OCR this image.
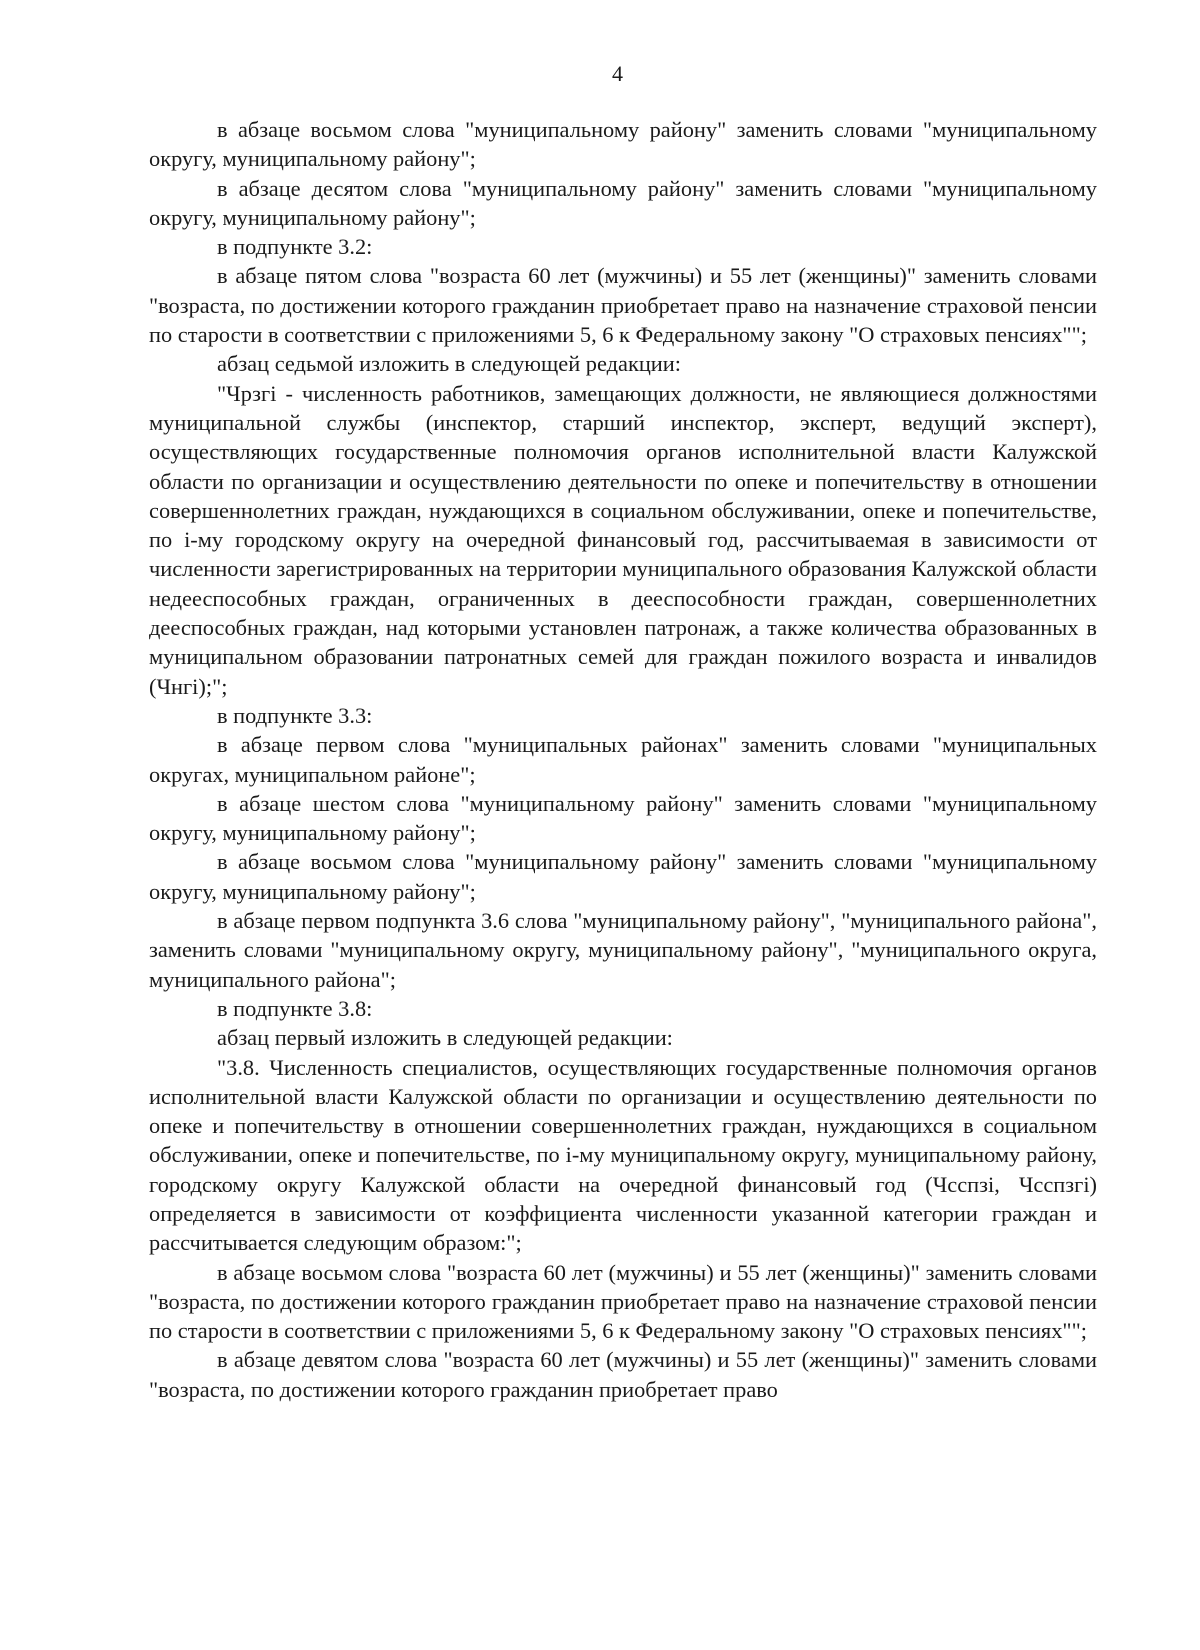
4

в абзаце восьмом слова "муниципальному району" заменить словами "муниципальному округу, муниципальному району";

в абзаце десятом слова "муниципальному району" заменить словами "муниципальному округу, муниципальному району";

в подпункте 3.2:

в абзаце пятом слова "возраста 60 лет (мужчины) и 55 лет (женщины)" заменить словами "возраста, по достижении которого гражданин приобретает право на назначение страховой пенсии по старости в соответствии с приложениями 5, 6 к Федеральному закону "О страховых пенсиях"";

абзац седьмой изложить в следующей редакции:

"Чрзгi - численность работников, замещающих должности, не являющиеся должностями муниципальной службы (инспектор, старший инспектор, эксперт, ведущий эксперт), осуществляющих государственные полномочия органов исполнительной власти Калужской области по организации и осуществлению деятельности по опеке и попечительству в отношении совершеннолетних граждан, нуждающихся в социальном обслуживании, опеке и попечительстве, по i-му городскому округу на очередной финансовый год, рассчитываемая в зависимости от численности зарегистрированных на территории муниципального образования Калужской области недееспособных граждан, ограниченных в дееспособности граждан, совершеннолетних дееспособных граждан, над которыми установлен патронаж, а также количества образованных в муниципальном образовании патронатных семей для граждан пожилого возраста и инвалидов (Чнгi);";

в подпункте 3.3:

в абзаце первом слова "муниципальных районах" заменить словами "муниципальных округах, муниципальном районе";

в абзаце шестом слова "муниципальному району" заменить словами "муниципальному округу, муниципальному району";

в абзаце восьмом слова "муниципальному району" заменить словами "муниципальному округу, муниципальному району";

в абзаце первом подпункта 3.6 слова "муниципальному району", "муниципального района", заменить словами "муниципальному округу, муниципальному району", "муниципального округа, муниципального района";

в подпункте 3.8:

абзац первый изложить в следующей редакции:

"3.8. Численность специалистов, осуществляющих государственные полномочия органов исполнительной власти Калужской области по организации и осуществлению деятельности по опеке и попечительству в отношении совершеннолетних граждан, нуждающихся в социальном обслуживании, опеке и попечительстве, по i-му муниципальному округу, муниципальному району, городскому округу Калужской области на очередной финансовый год (Чсспзi, Чсспзгi) определяется в зависимости от коэффициента численности указанной категории граждан и рассчитывается следующим образом:";

в абзаце восьмом слова "возраста 60 лет (мужчины) и 55 лет (женщины)" заменить словами "возраста, по достижении которого гражданин приобретает право на назначение страховой пенсии по старости в соответствии с приложениями 5, 6 к Федеральному закону "О страховых пенсиях"";

в абзаце девятом слова "возраста 60 лет (мужчины) и 55 лет (женщины)" заменить словами "возраста, по достижении которого гражданин приобретает право
